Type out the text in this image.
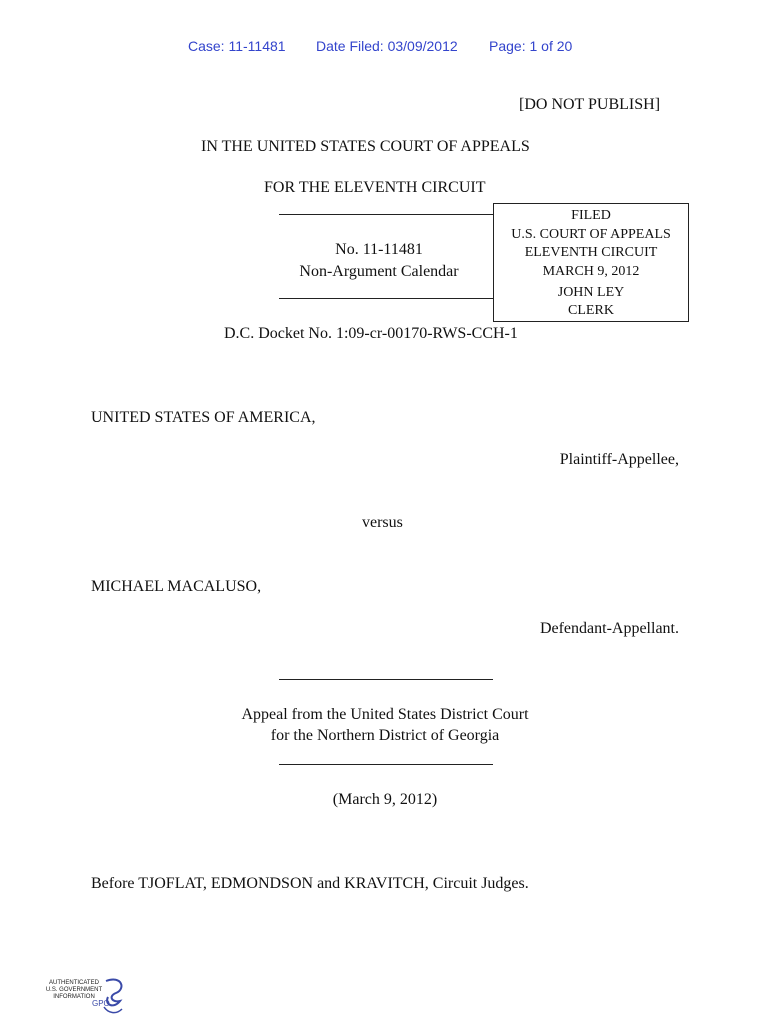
Case: 11-11481 Date Filed: 03/09/2012 Page: 1 of 20
[DO NOT PUBLISH]
IN THE UNITED STATES COURT OF APPEALS
FOR THE ELEVENTH CIRCUIT
No. 11-11481
Non-Argument Calendar
FILED
U.S. COURT OF APPEALS
ELEVENTH CIRCUIT
MARCH 9, 2012
JOHN LEY
CLERK
D.C. Docket No. 1:09-cr-00170-RWS-CCH-1
UNITED STATES OF AMERICA,
Plaintiff-Appellee,
versus
MICHAEL MACALUSO,
Defendant-Appellant.
Appeal from the United States District Court
for the Northern District of Georgia
(March 9, 2012)
Before TJOFLAT, EDMONDSON and KRAVITCH, Circuit Judges.
AUTHENTICATED
U.S. GOVERNMENT
INFORMATION
GPO
